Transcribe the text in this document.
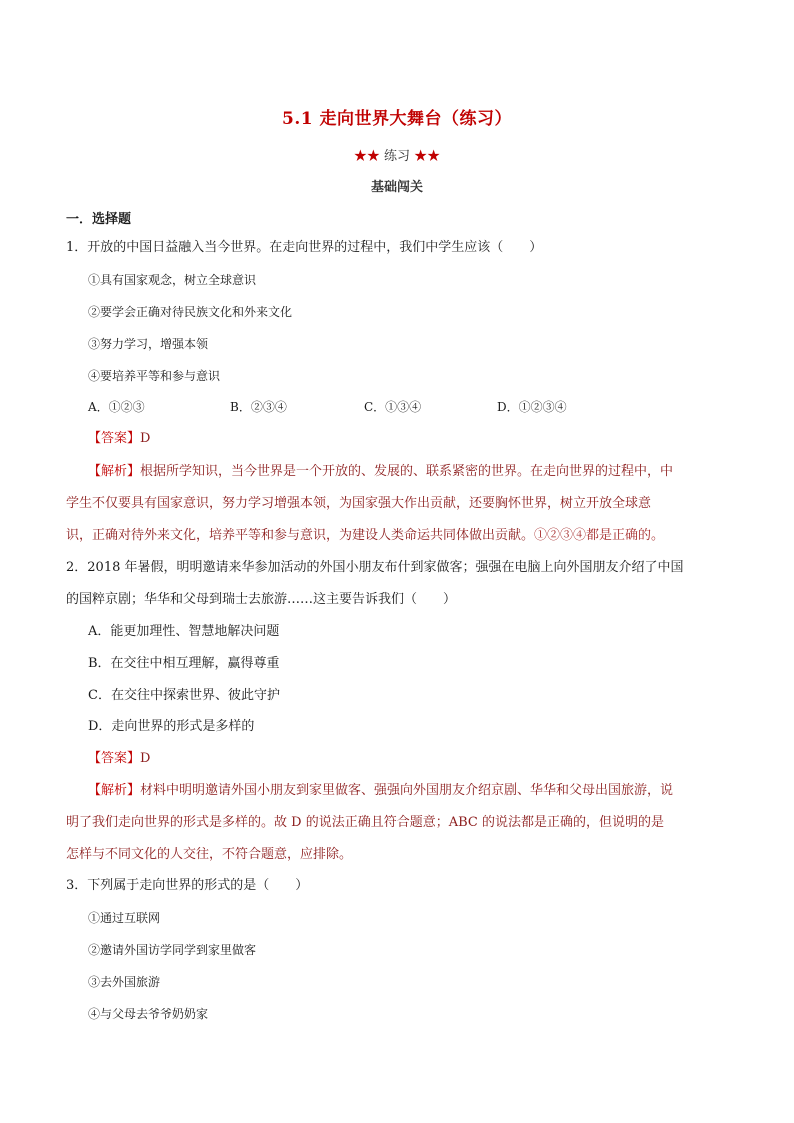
5.1 走向世界大舞台（练习）
★★ 练习 ★★
基础闯关
一．选择题
1．开放的中国日益融入当今世界。在走向世界的过程中，我们中学生应该（　　）
①具有国家观念，树立全球意识
②要学会正确对待民族文化和外来文化
③努力学习，增强本领
④要培养平等和参与意识
A．①②③	B．②③④	C．①③④	D．①②③④
【答案】D
【解析】根据所学知识，当今世界是一个开放的、发展的、联系紧密的世界。在走向世界的过程中，中
学生不仅要具有国家意识，努力学习增强本领，为国家强大作出贡献，还要胸怀世界，树立开放全球意
识，正确对待外来文化，培养平等和参与意识，为建设人类命运共同体做出贡献。①②③④都是正确的。
2．2018 年暑假，明明邀请来华参加活动的外国小朋友布什到家做客；强强在电脑上向外国朋友介绍了中国
的国粹京剧；华华和父母到瑞士去旅游……这主要告诉我们（　　）
A．能更加理性、智慧地解决问题
B．在交往中相互理解，赢得尊重
C．在交往中探索世界、彼此守护
D．走向世界的形式是多样的
【答案】D
【解析】材料中明明邀请外国小朋友到家里做客、强强向外国朋友介绍京剧、华华和父母出国旅游，说
明了我们走向世界的形式是多样的。故 D 的说法正确且符合题意；ABC 的说法都是正确的，但说明的是
怎样与不同文化的人交往，不符合题意，应排除。
3．下列属于走向世界的形式的是（　　）
①通过互联网
②邀请外国访学同学到家里做客
③去外国旅游
④与父母去爷爷奶奶家
